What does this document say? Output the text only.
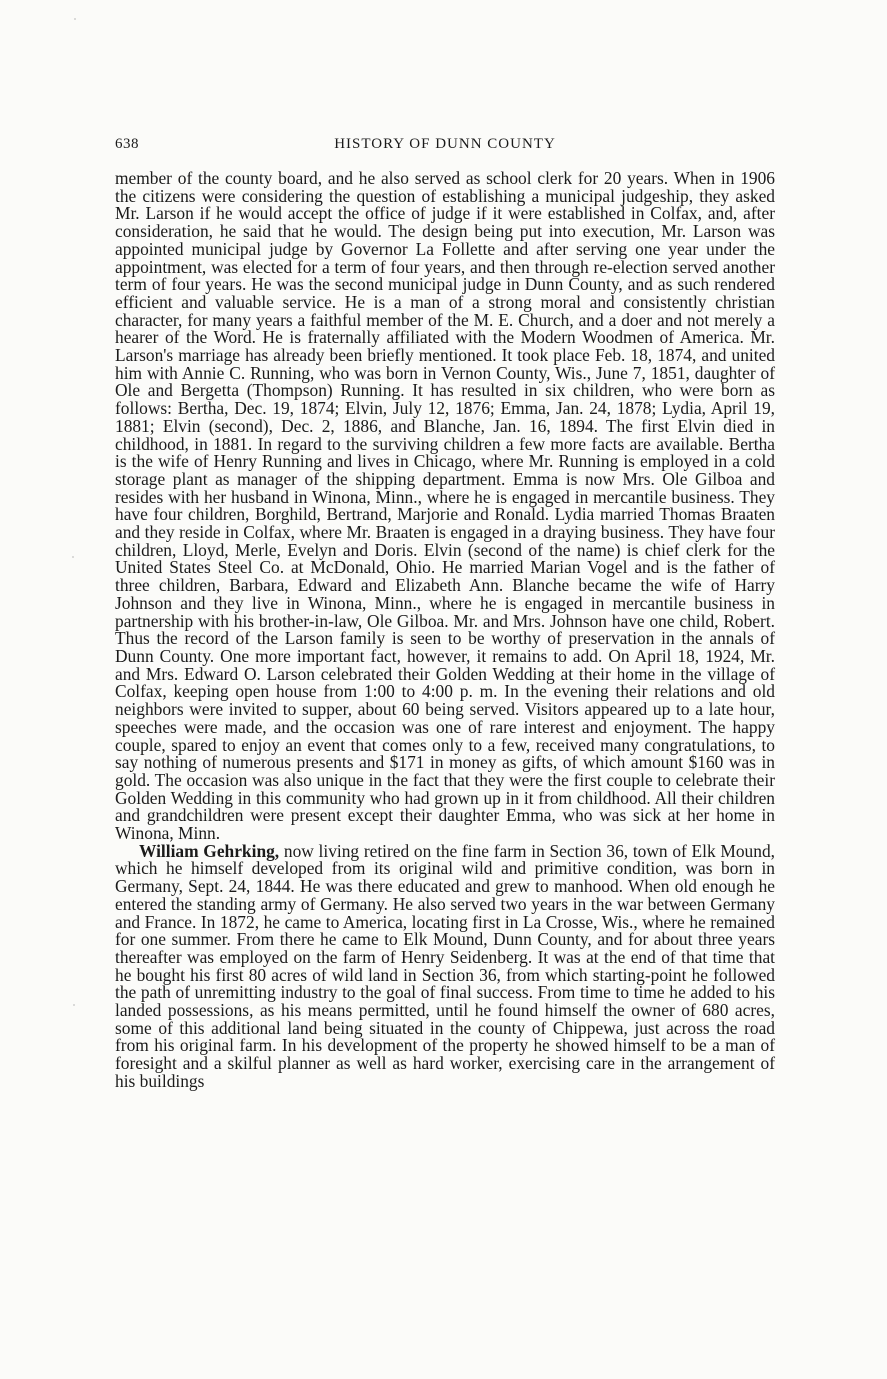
638	HISTORY OF DUNN COUNTY

member of the county board, and he also served as school clerk for 20 years. When in 1906 the citizens were considering the question of establishing a municipal judgeship, they asked Mr. Larson if he would accept the office of judge if it were established in Colfax, and, after consideration, he said that he would. The design being put into execution, Mr. Larson was appointed municipal judge by Governor La Follette and after serving one year under the appointment, was elected for a term of four years, and then through re-election served another term of four years. He was the second municipal judge in Dunn County, and as such rendered efficient and valuable service. He is a man of a strong moral and consistently christian character, for many years a faithful member of the M. E. Church, and a doer and not merely a hearer of the Word. He is fraternally affiliated with the Modern Woodmen of America. Mr. Larson's marriage has already been briefly mentioned. It took place Feb. 18, 1874, and united him with Annie C. Running, who was born in Vernon County, Wis., June 7, 1851, daughter of Ole and Bergetta (Thompson) Running. It has resulted in six children, who were born as follows: Bertha, Dec. 19, 1874; Elvin, July 12, 1876; Emma, Jan. 24, 1878; Lydia, April 19, 1881; Elvin (second), Dec. 2, 1886, and Blanche, Jan. 16, 1894. The first Elvin died in childhood, in 1881. In regard to the surviving children a few more facts are available. Bertha is the wife of Henry Running and lives in Chicago, where Mr. Running is employed in a cold storage plant as manager of the shipping department. Emma is now Mrs. Ole Gilboa and resides with her husband in Winona, Minn., where he is engaged in mercantile business. They have four children, Borghild, Bertrand, Marjorie and Ronald. Lydia married Thomas Braaten and they reside in Colfax, where Mr. Braaten is engaged in a draying business. They have four children, Lloyd, Merle, Evelyn and Doris. Elvin (second of the name) is chief clerk for the United States Steel Co. at McDonald, Ohio. He married Marian Vogel and is the father of three children, Barbara, Edward and Elizabeth Ann. Blanche became the wife of Harry Johnson and they live in Winona, Minn., where he is engaged in mercantile business in partnership with his brother-in-law, Ole Gilboa. Mr. and Mrs. Johnson have one child, Robert. Thus the record of the Larson family is seen to be worthy of preservation in the annals of Dunn County. One more important fact, however, it remains to add. On April 18, 1924, Mr. and Mrs. Edward O. Larson celebrated their Golden Wedding at their home in the village of Colfax, keeping open house from 1:00 to 4:00 p. m. In the evening their relations and old neighbors were invited to supper, about 60 being served. Visitors appeared up to a late hour, speeches were made, and the occasion was one of rare interest and enjoyment. The happy couple, spared to enjoy an event that comes only to a few, received many congratulations, to say nothing of numerous presents and $171 in money as gifts, of which amount $160 was in gold. The occasion was also unique in the fact that they were the first couple to celebrate their Golden Wedding in this community who had grown up in it from childhood. All their children and grandchildren were present except their daughter Emma, who was sick at her home in Winona, Minn.

William Gehrking, now living retired on the fine farm in Section 36, town of Elk Mound, which he himself developed from its original wild and primitive condition, was born in Germany, Sept. 24, 1844. He was there educated and grew to manhood. When old enough he entered the standing army of Germany. He also served two years in the war between Germany and France. In 1872, he came to America, locating first in La Crosse, Wis., where he remained for one summer. From there he came to Elk Mound, Dunn County, and for about three years thereafter was employed on the farm of Henry Seidenberg. It was at the end of that time that he bought his first 80 acres of wild land in Section 36, from which starting-point he followed the path of unremitting industry to the goal of final success. From time to time he added to his landed possessions, as his means permitted, until he found himself the owner of 680 acres, some of this additional land being situated in the county of Chippewa, just across the road from his original farm. In his development of the property he showed himself to be a man of foresight and a skilful planner as well as hard worker, exercising care in the arrangement of his buildings
